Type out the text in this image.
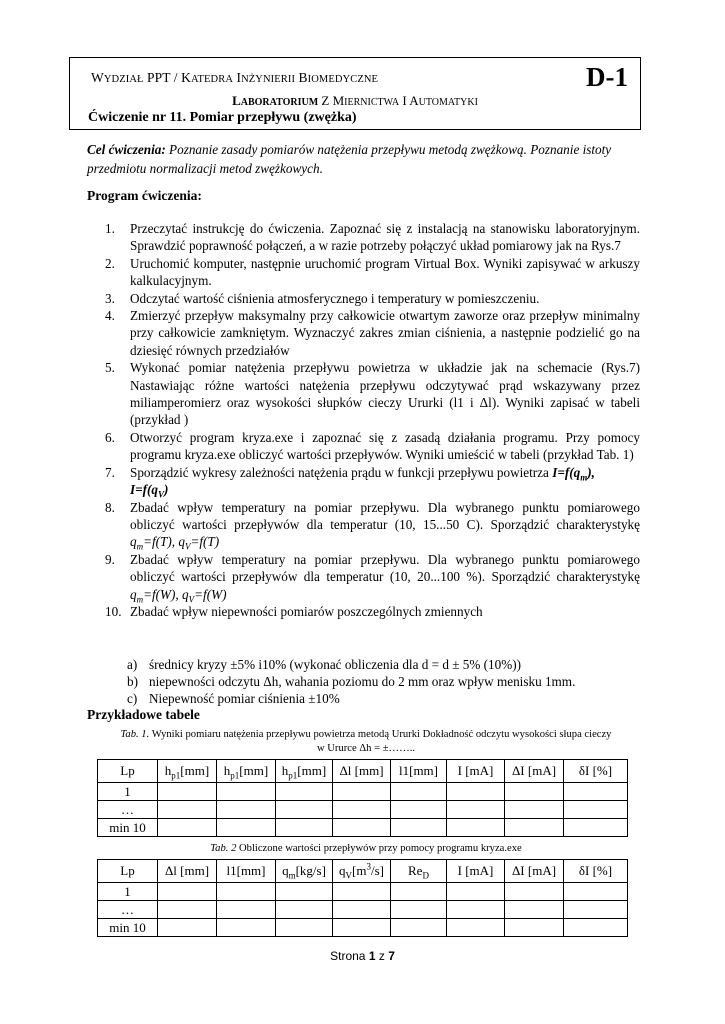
WYDZIAŁ PPT / KATEDRA INŻYNIERII BIOMEDYCZNE	D-1
LABORATORIUM Z MIERNICTWA I AUTOMATYKI
Ćwiczenie nr 11. Pomiar przepływu (zwężka)
Cel ćwiczenia: Poznanie zasady pomiarów natężenia przepływu metodą zwężkową. Poznanie istoty przedmiotu normalizacji metod zwężkowych.
Program ćwiczenia:
1. Przeczytać instrukcję do ćwiczenia. Zapoznać się z instalacją na stanowisku laboratoryjnym. Sprawdzić poprawność połączeń, a w razie potrzeby połączyć układ pomiarowy jak na Rys.7
2. Uruchomić komputer, następnie uruchomić program Virtual Box. Wyniki zapisywać w arkuszy kalkulacyjnym.
3. Odczytać wartość ciśnienia atmosferycznego i temperatury w pomieszczeniu.
4. Zmierzyć przepływ maksymalny przy całkowicie otwartym zaworze oraz przepływ minimalny przy całkowicie zamkniętym. Wyznaczyć zakres zmian ciśnienia, a następnie podzielić go na dziesięć równych przedziałów
5. Wykonać pomiar natężenia przepływu powietrza w układzie jak na schemacie (Rys.7) Nastawiając różne wartości natężenia przepływu odczytywać prąd wskazywany przez miliamperomierz oraz wysokości słupków cieczy Ururki (l1 i Δl). Wyniki zapisać w tabeli (przykład )
6. Otworzyć program kryza.exe i zapoznać się z zasadą działania programu. Przy pomocy programu kryza.exe obliczyć wartości przepływów. Wyniki umieścić w tabeli (przykład Tab. 1)
7. Sporządzić wykresy zależności natężenia prądu w funkcji przepływu powietrza $I=f(q_m)$,
$I=f(q_V)$
8. Zbadać wpływ temperatury na pomiar przepływu. Dla wybranego punktu pomiarowego obliczyć wartości przepływów dla temperatur (10, 15...50 C). Sporządzić charakterystykę $q_m=f(T)$, $q_V=f(T)$
9. Zbadać wpływ temperatury na pomiar przepływu. Dla wybranego punktu pomiarowego obliczyć wartości przepływów dla temperatur (10, 20...100 %). Sporządzić charakterystykę $q_m=f(W)$, $q_V=f(W)$
10. Zbadać wpływ niepewności pomiarów poszczególnych zmiennych
a) średnicy kryzy ±5% i10% (wykonać obliczenia dla d = d ± 5% (10%))
b) niepewności odczytu Δh, wahania poziomu do 2 mm oraz wpływ menisku 1mm.
c) Niepewność pomiar ciśnienia ±10%
Przykładowe tabele
Tab. 1. Wyniki pomiaru natężenia przepływu powietrza metodą Ururki Dokładność odczytu wysokości słupa cieczy
w Ururce Δh = ±……..
Lp	$h_{p1}[mm]$	$h_{p1}[mm]$	$h_{p1}[mm]$	Δl [mm]	l1[mm]	I [mA]	ΔI [mA]	δI [%]
1								
…								
min 10								
Tab. 2 Obliczone wartości przepływów przy pomocy programu kryza.exe
Lp	Δl [mm]	l1[mm]	$q_m[kg/s]$	$q_V[m^3/s]$	$Re_D$	I [mA]	ΔI [mA]	δI [%]
1								
…								
min 10								
Strona 1 z 7
